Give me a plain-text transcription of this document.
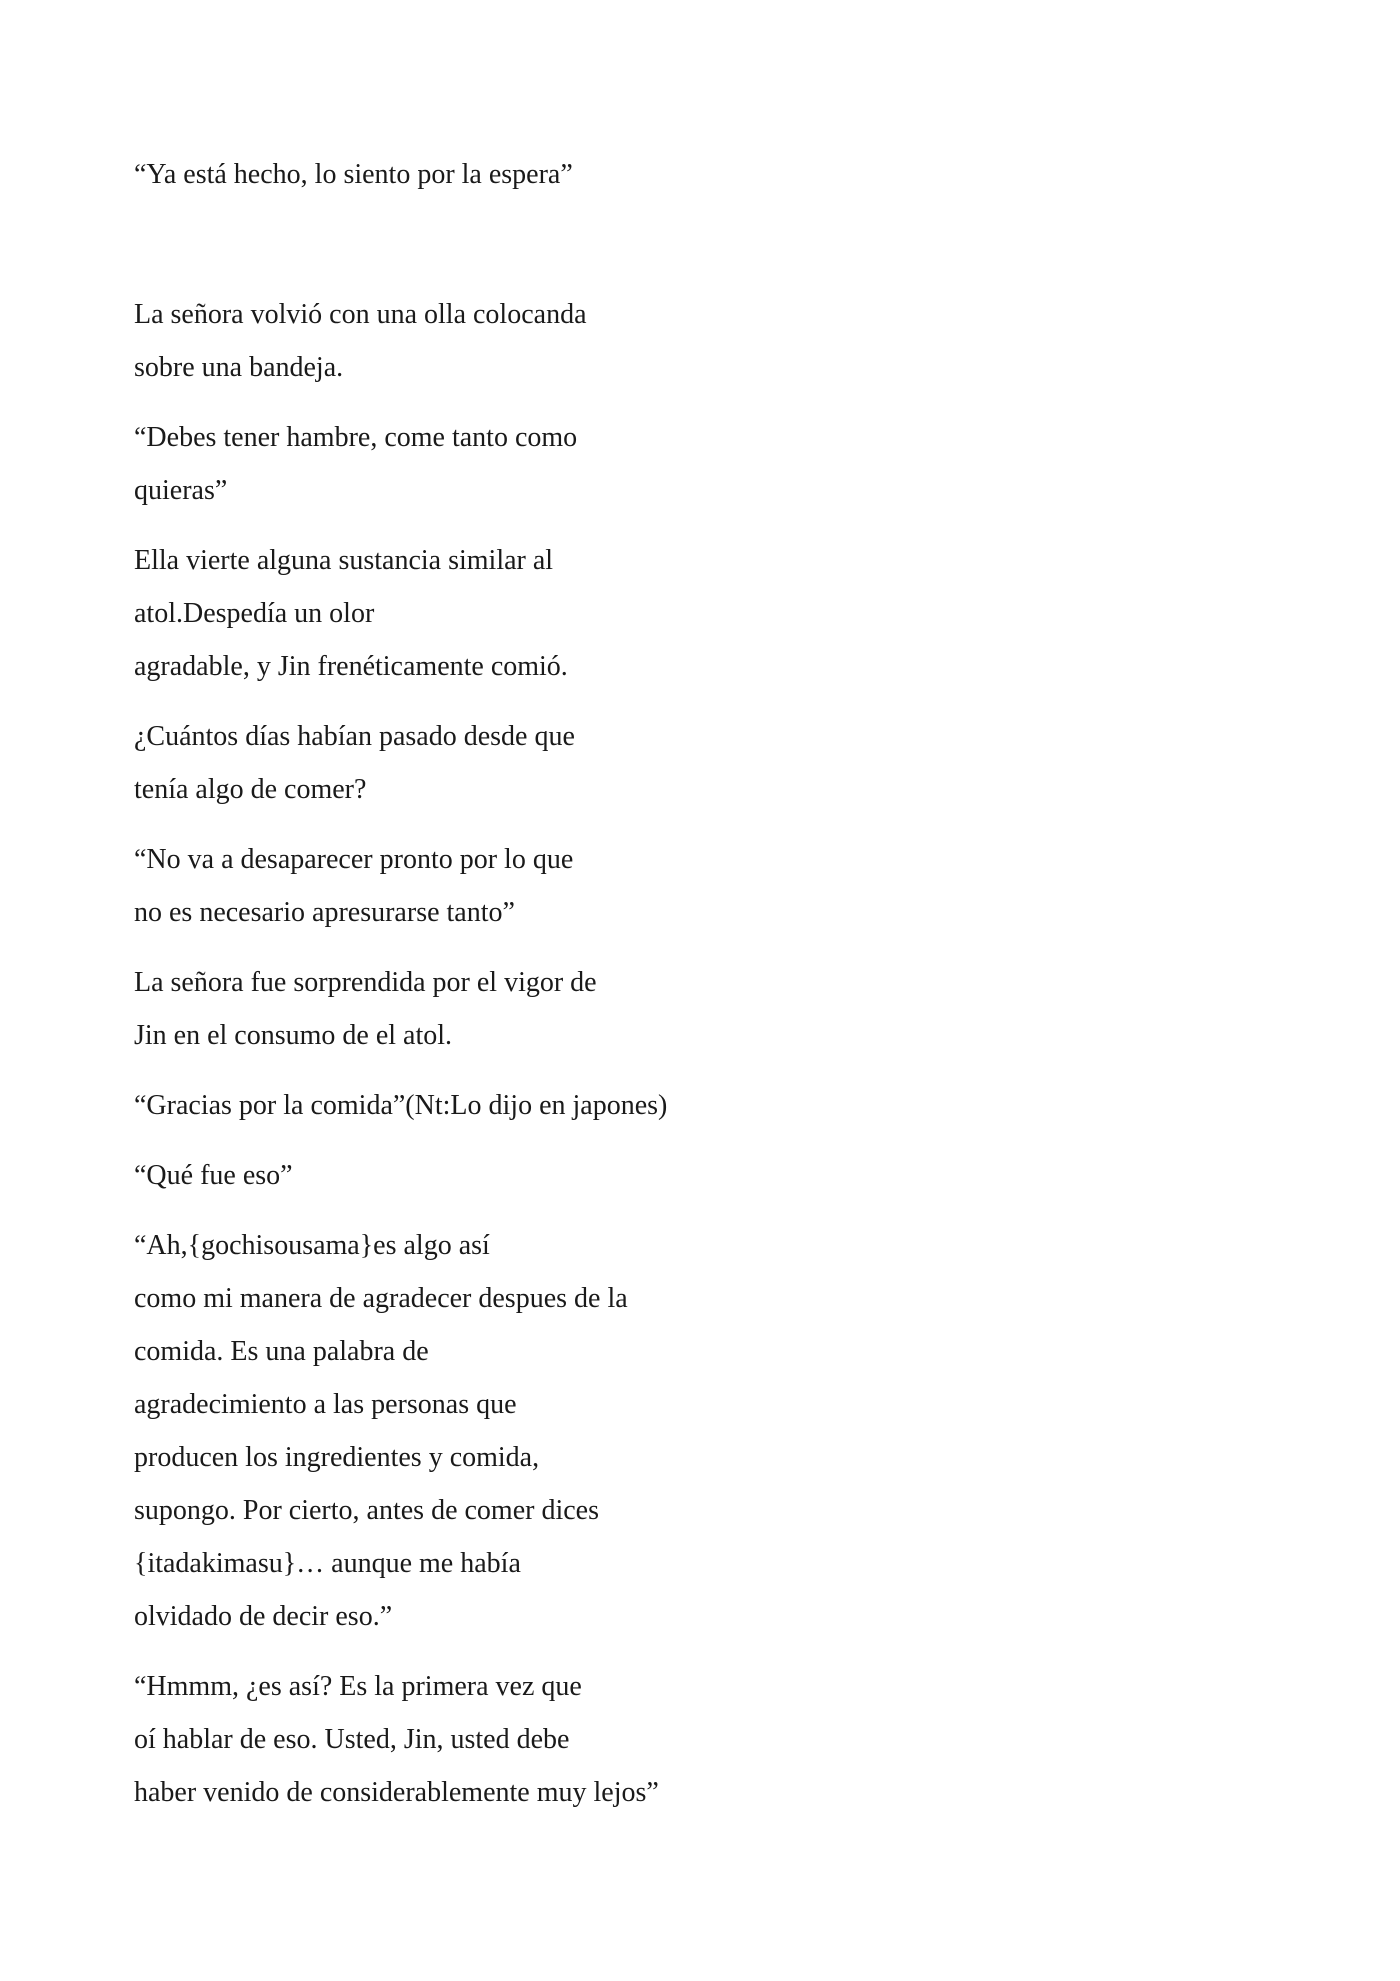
“Ya está hecho, lo siento por la espera”

La señora volvió con una olla colocanda
sobre una bandeja.

“Debes tener hambre, come tanto como
quieras”

Ella vierte alguna sustancia similar al
atol.Despedía un olor
agradable, y Jin frenéticamente comió.

¿Cuántos días habían pasado desde que
tenía algo de comer?

“No va a desaparecer pronto por lo que
no es necesario apresurarse tanto”

La señora fue sorprendida por el vigor de
Jin en el consumo de el atol.

“Gracias por la comida”(Nt:Lo dijo en japones)

“Qué fue eso”

“Ah,{gochisousama}es algo así
como mi manera de agradecer despues de la
comida. Es una palabra de
agradecimiento a las personas que
producen los ingredientes y comida,
supongo. Por cierto, antes de comer dices
{itadakimasu}… aunque me había
olvidado de decir eso.”

“Hmmm, ¿es así? Es la primera vez que
oí hablar de eso. Usted, Jin, usted debe
haber venido de considerablemente muy lejos”
